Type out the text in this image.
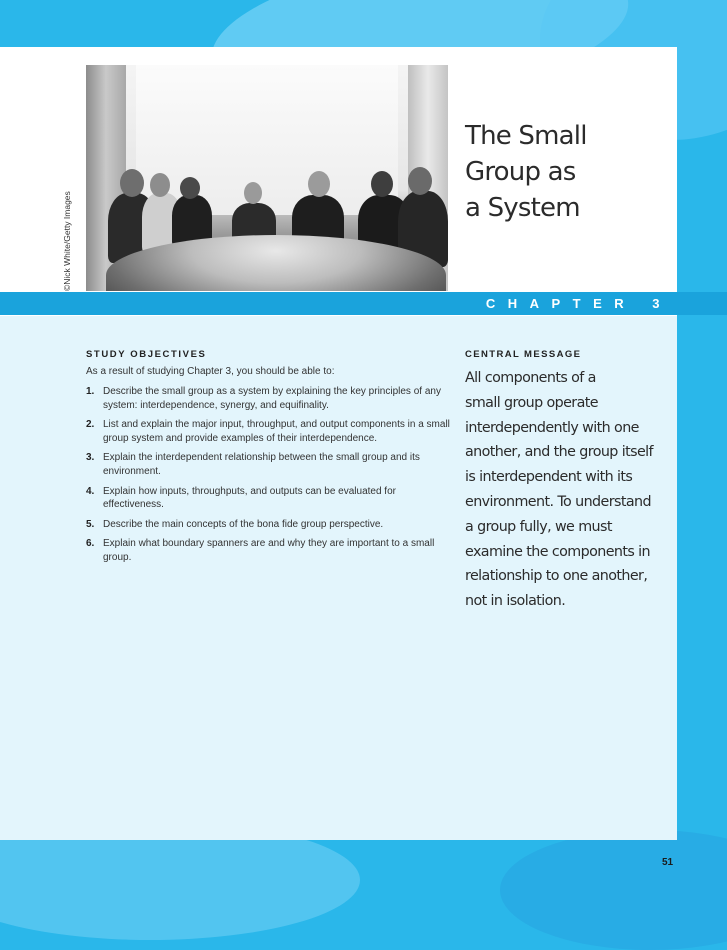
©Nick White/Getty Images
The Small
Group as
a System
CHAPTER 3
STUDY OBJECTIVES
As a result of studying Chapter 3, you should be able to:
1. Describe the small group as a system by explaining the key principles of any system: interdependence, synergy, and equifinality.
2. List and explain the major input, throughput, and output components in a small group system and provide examples of their interdependence.
3. Explain the interdependent relationship between the small group and its environment.
4. Explain how inputs, throughputs, and outputs can be evaluated for effectiveness.
5. Describe the main concepts of the bona fide group perspective.
6. Explain what boundary spanners are and why they are important to a small group.
CENTRAL MESSAGE
All components of a
small group operate
interdependently with one
another, and the group itself
is interdependent with its
environment. To understand
a group fully, we must
examine the components in
relationship to one another,
not in isolation.
51
